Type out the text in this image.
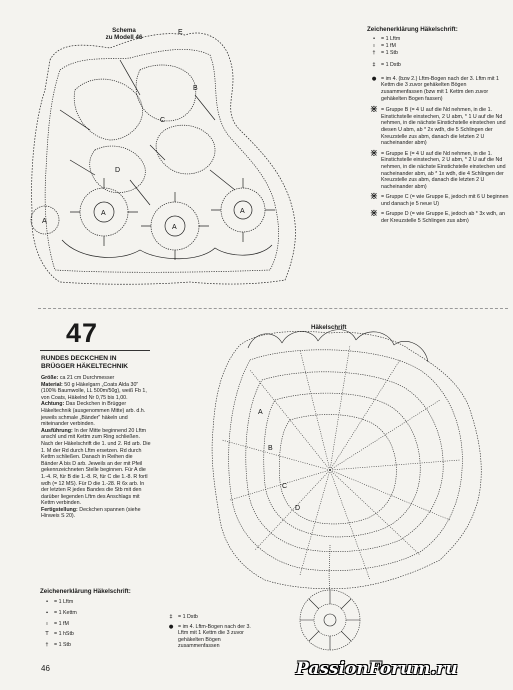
Schema
zu Modell 46
E
B
C
D
A
A
A
A
Zeichenerklärung Häkelschrift:
• = 1 Lftm
ı = 1 fM
† = 1 Stb
‡ = 1 Dstb
● = im 4. (bzw 2.) Lftm-Bogen nach der 3. Lftm mit 1 Kettm die 3 zuvor gehäkelten Bögen zusammenfassen (bzw mit 1 Kettm den zuvor gehäkelten Bogen fassen)
⋇ = Gruppe B (= 4 U auf die Nd nehmen, in die 1. Einstichstelle einstechen, 2 U abm, * 1 U auf die Nd nehmen, in die nächste Einstichstelle einstechen und diesen U abm, ab * 2x wdh, die 5 Schlingen der Kreuzstelle zus abm, danach die letzten 2 U nacheinander abm)
⋇ = Gruppe E (= 4 U auf die Nd nehmen, in die 1. Einstichstelle einstechen, 2 U abm, * 2 U auf die Nd nehmen, in die nächste Einstichstelle einstechen und nacheinander abm, ab * 1x wdh, die 4 Schlingen der Kreuzstelle zus abm, danach die letzten 2 U nacheinander abm)
⋇ = Gruppe C (= wie Gruppe E, jedoch mit 6 U beginnen und danach je 5 neue U)
⋇ = Gruppe D (= wie Gruppe E, jedoch ab * 3x wdh, an der Kreuzstelle 5 Schlingen zus abm)
47
RUNDES DECKCHEN IN BRÜGGER HÄKELTECHNIK
Größe: ca 21 cm Durchmesser
Material: 50 g Häkelgarn „Coats Alda 30" (100% Baumwolle, LL 500m/50g), weiß Fb 1, von Coats, Häkelnd Nr 0,75 bis 1,00.
Achtung: Das Deckchen in Brügger Häkeltechnik (ausgenommen Mitte) arb. d.h. jeweils schmale „Bänder" häkeln und miteinander verbinden.
Ausführung: In der Mitte beginnend 20 Lftm anschl und mit Kettm zum Ring schließen. Nach der Häkelschrift die 1. und 2. Rd arb. Die 1. M der Rd durch Lftm ersetzen. Rd durch Kettm schließen. Danach in Reihen die Bänder A bis D arb. Jeweils an der mit Pfeil gekennzeichneten Stelle beginnen. Für A die 1.-4. R, für B die 1.-8. R, für C die 1.-8. R fortl wdh (= 12 MS). Für D die 1.-28. R 6x arb. In der letzten R jedes Bandes die Stb mit den darüber liegenden Lftm des Anschlags mit Kettm verbinden.
Fertigstellung: Deckchen spannen (siehe Hinweis S 20).
Zeichenerklärung Häkelschrift:
• = 1 Lftm
∙ = 1 Kettm
ı = 1 fM
T = 1 hStb
† = 1 Stb
Häkelschrift
A
B
C
D
‡ = 1 Dstb
● = im 4. Lftm-Bogen nach der 3. Lftm mit 1 Kettm die 3 zuvor gehäkelten Bögen zusammenfassen
46	PassionForum.ru
